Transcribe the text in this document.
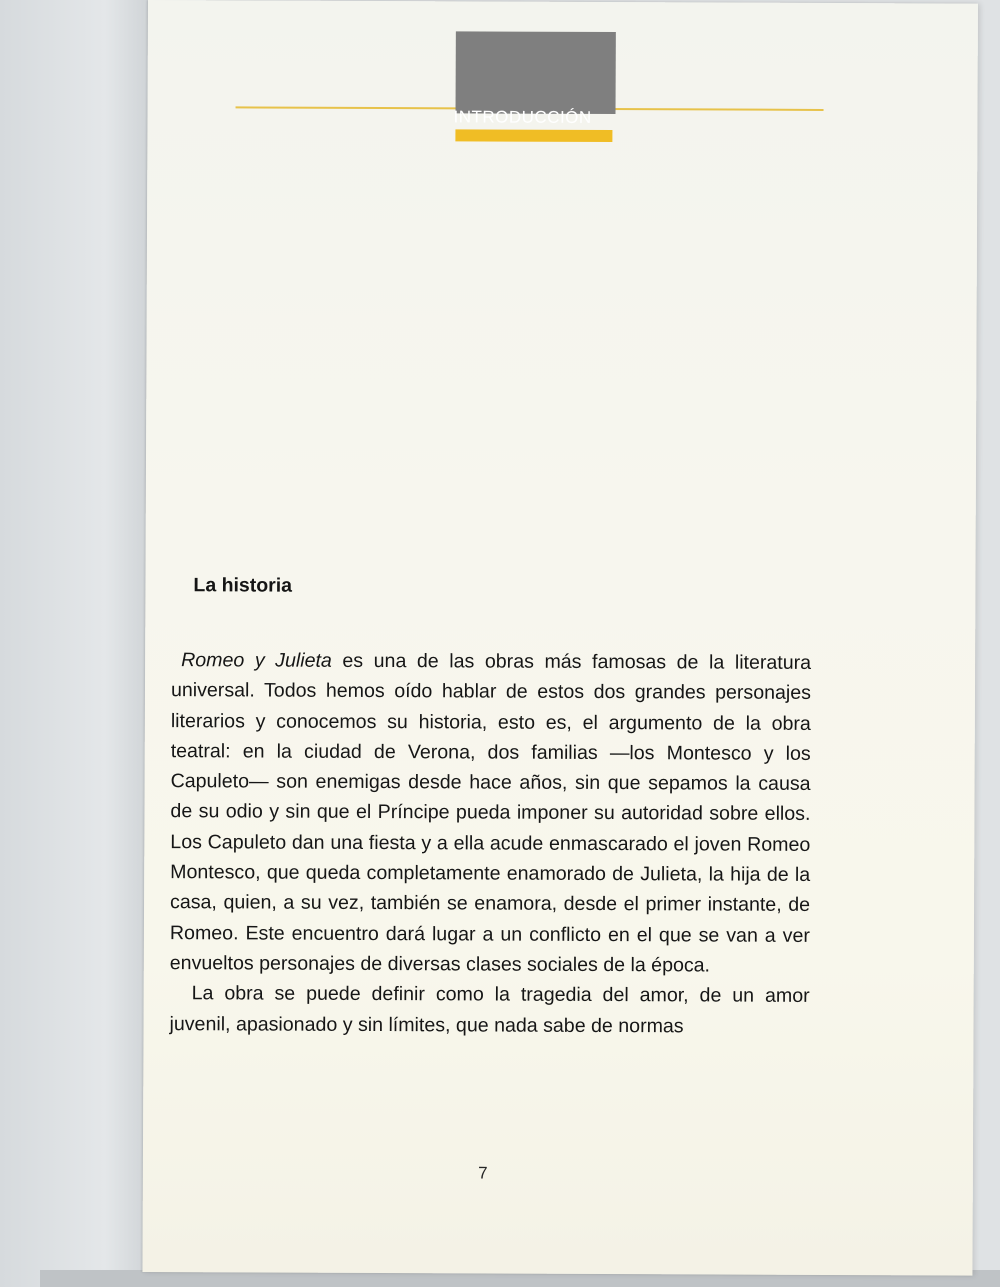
INTRODUCCIÓN
La historia

Romeo y Julieta es una de las obras más famosas de la literatura universal. Todos hemos oído hablar de estos dos grandes personajes literarios y conocemos su historia, esto es, el argumento de la obra teatral: en la ciudad de Verona, dos familias —los Montesco y los Capuleto— son enemigas desde hace años, sin que sepamos la causa de su odio y sin que el Príncipe pueda imponer su autoridad sobre ellos. Los Capuleto dan una fiesta y a ella acude enmascarado el joven Romeo Montesco, que queda completamente enamorado de Julieta, la hija de la casa, quien, a su vez, también se enamora, desde el primer instante, de Romeo. Este encuentro dará lugar a un conflicto en el que se van a ver envueltos personajes de diversas clases sociales de la época.

La obra se puede definir como la tragedia del amor, de un amor juvenil, apasionado y sin límites, que nada sabe de normas

7
